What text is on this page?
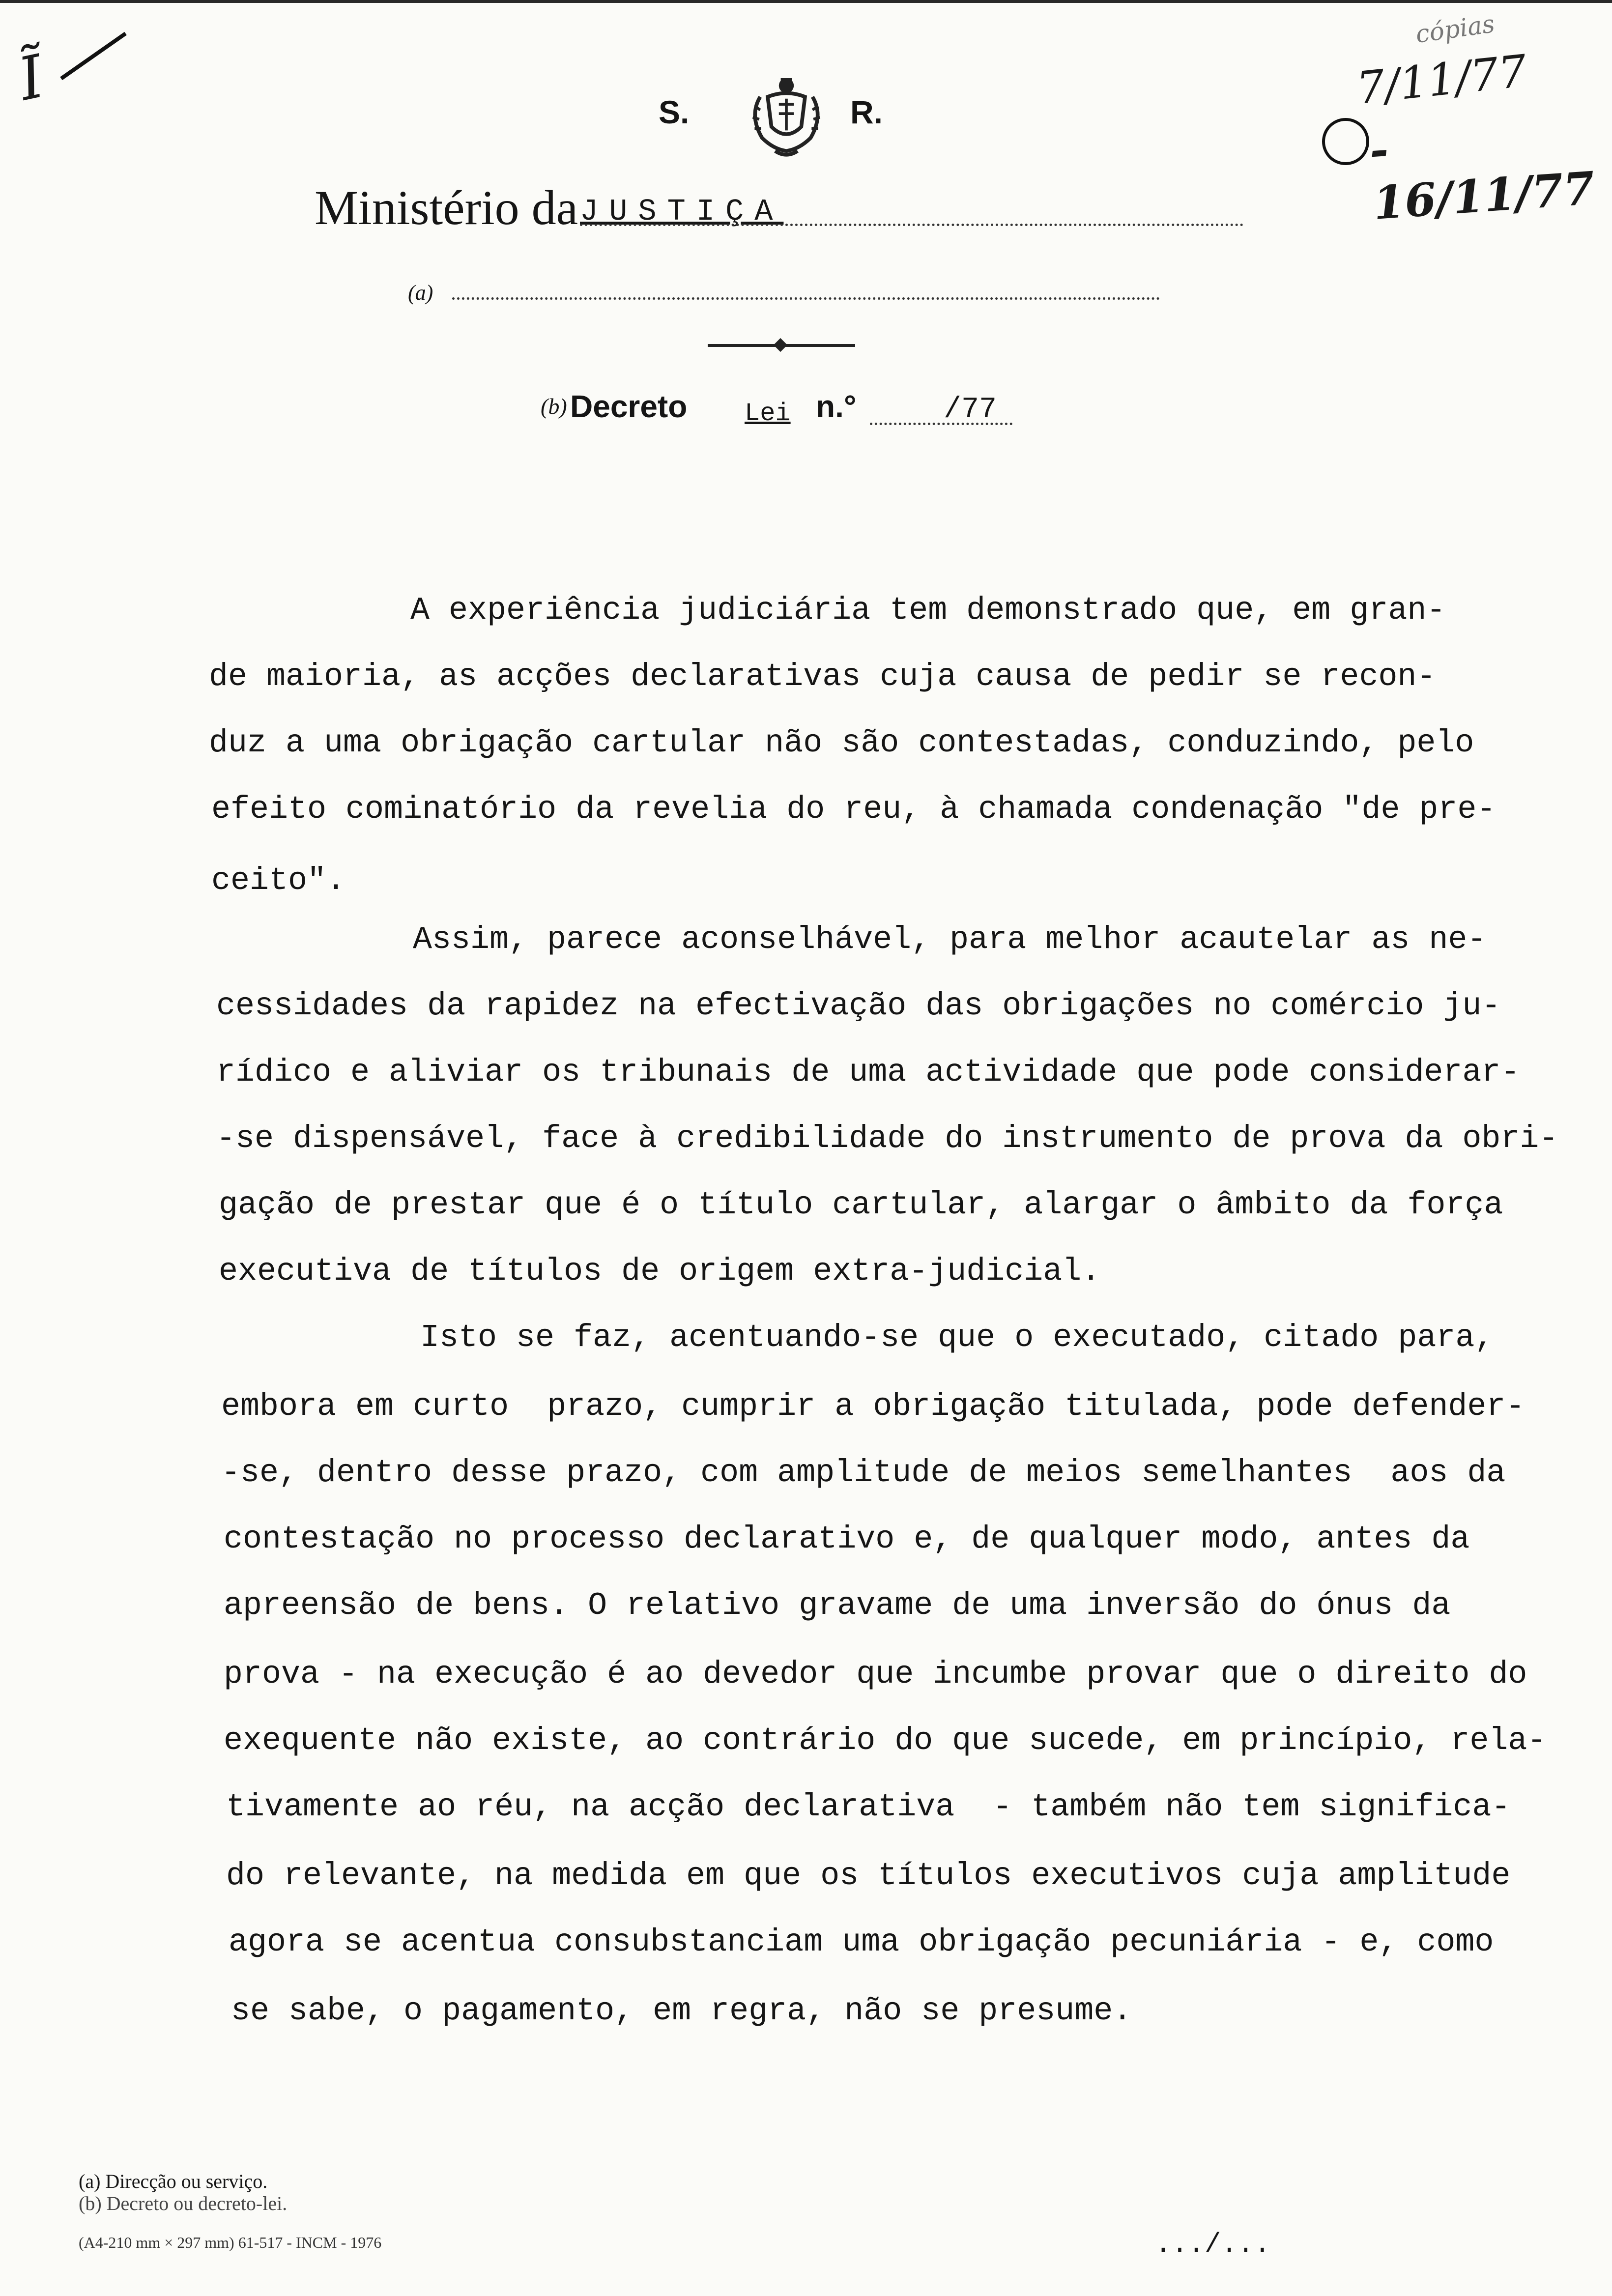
Ĩ
cópias
7/11/77
- 16/11/77
S.	R.
Ministério da JUSTIÇA
(a)
(b) Decreto Lei n.°	/77
A experiência judiciária tem demonstrado que, em gran-
de maioria, as acções declarativas cuja causa de pedir se recon-
duz a uma obrigação cartular não são contestadas, conduzindo, pelo
efeito cominatório da revelia do reu, à chamada condenação "de pre-
ceito".
Assim, parece aconselhável, para melhor acautelar as ne-
cessidades da rapidez na efectivação das obrigações no comércio ju-
rídico e aliviar os tribunais de uma actividade que pode considerar-
-se dispensável, face à credibilidade do instrumento de prova da obri-
gação de prestar que é o título cartular, alargar o âmbito da força
executiva de títulos de origem extra-judicial.
Isto se faz, acentuando-se que o executado, citado para,
embora em curto  prazo, cumprir a obrigação titulada, pode defender-
-se, dentro desse prazo, com amplitude de meios semelhantes  aos da
contestação no processo declarativo e, de qualquer modo, antes da
apreensão de bens. O relativo gravame de uma inversão do ónus da
prova - na execução é ao devedor que incumbe provar que o direito do
exequente não existe, ao contrário do que sucede, em princípio, rela-
tivamente ao réu, na acção declarativa  - também não tem significa-
do relevante, na medida em que os títulos executivos cuja amplitude
agora se acentua consubstanciam uma obrigação pecuniária - e, como
se sabe, o pagamento, em regra, não se presume.
(a) Direcção ou serviço.
(b) Decreto ou decreto-lei.
(A4-210 mm × 297 mm) 61-517 - INCM - 1976	.../...
